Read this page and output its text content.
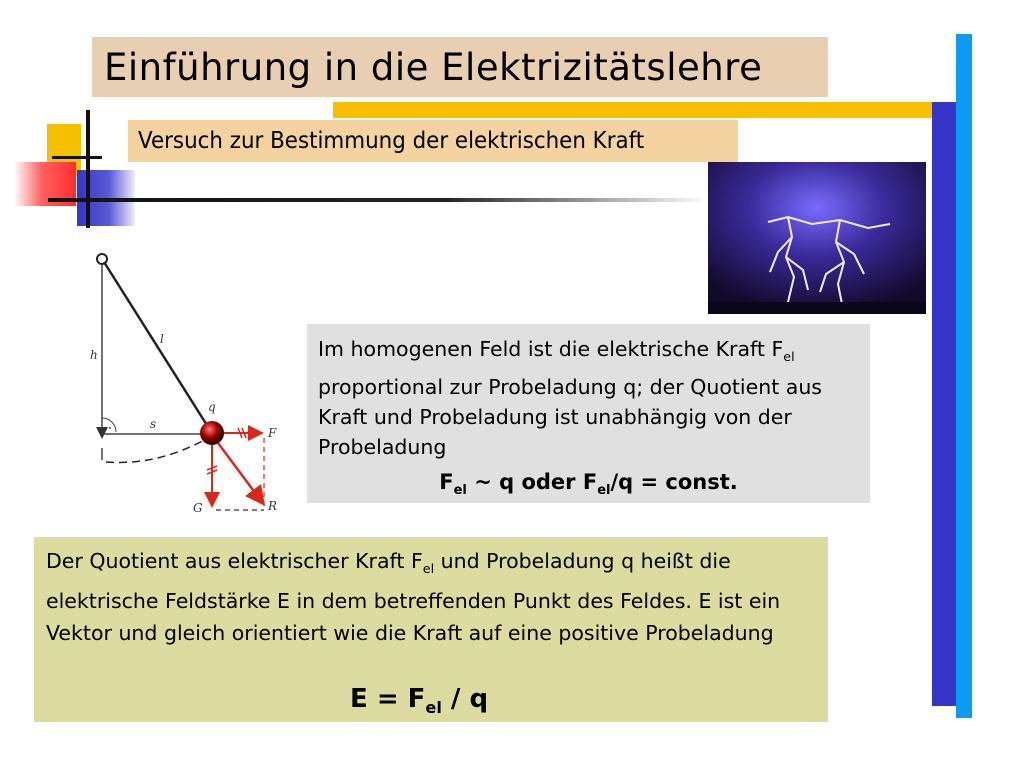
Einführung in die Elektrizitätslehre
Versuch zur Bestimmung der elektrischen Kraft
h
l
q
s
F
G	R
Im homogenen Feld ist die elektrische Kraft $F_{el}$ proportional zur Probeladung q; der Quotient aus Kraft und Probeladung ist unabhängig von der Probeladung
$F_{el}$ ~ q oder $F_{el}/q$ = const.
Der Quotient aus elektrischer Kraft $F_{el}$ und Probeladung q heißt die elektrische Feldstärke E in dem betreffenden Punkt des Feldes. E ist ein Vektor und gleich orientiert wie die Kraft auf eine positive Probeladung
$E = F_{el} / q$
